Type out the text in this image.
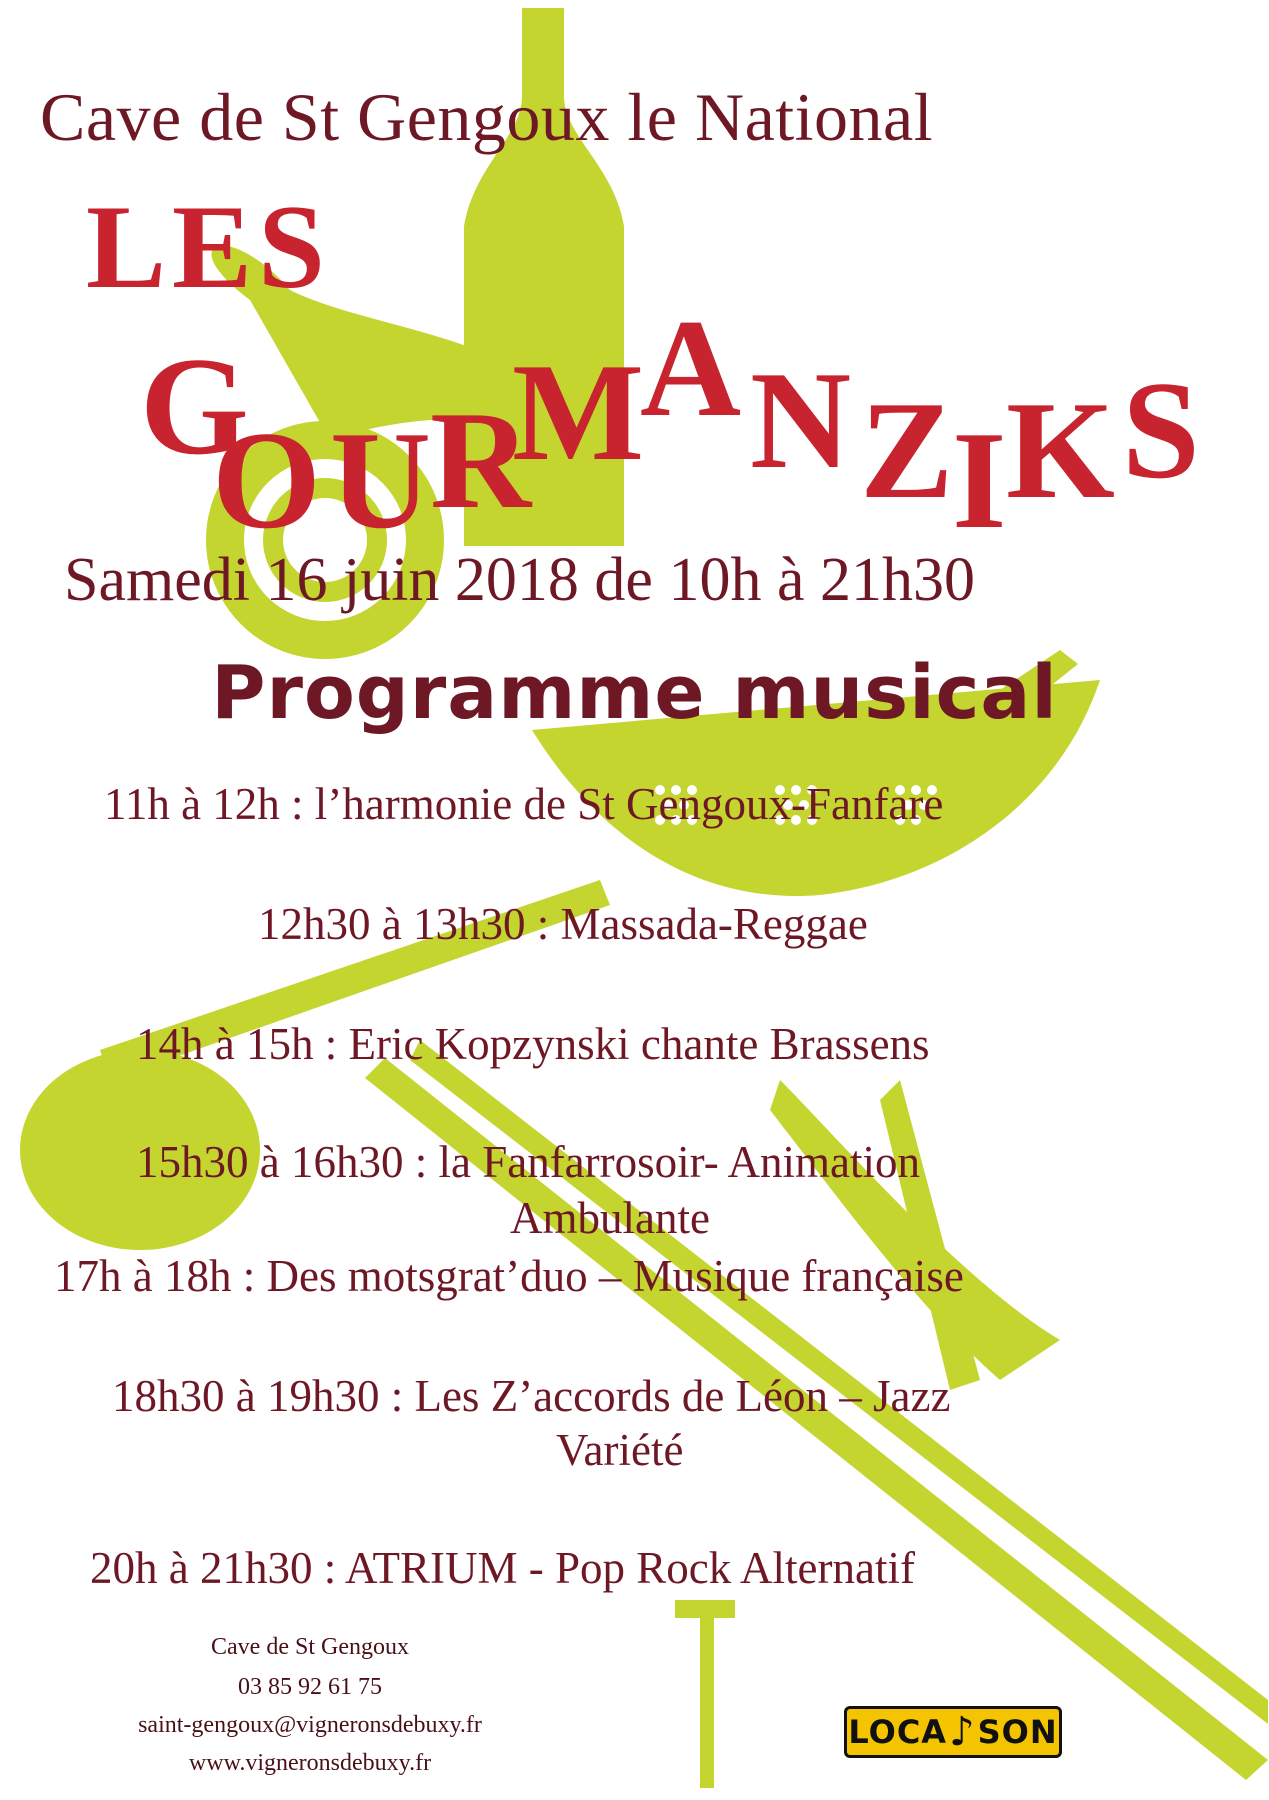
Cave de St Gengoux le National
LES
G
O U
R
M
A N Z
I K S
Samedi 16 juin 2018 de 10h à 21h30
Programme musical
11h à 12h : l’harmonie de St Gengoux-Fanfare
12h30 à 13h30 : Massada-Reggae
14h à 15h : Eric Kopzynski chante Brassens
15h30 à 16h30 : la Fanfarrosoir- Animation
Ambulante
17h à 18h : Des motsgrat’duo – Musique française
18h30 à 19h30 : Les Z’accords de Léon – Jazz
Variété
20h à 21h30 : ATRIUM - Pop Rock Alternatif
Cave de St Gengoux
03 85 92 61 75
saint-gengoux@vigneronsdebuxy.fr
www.vigneronsdebuxy.fr
LOCA ♪ SON
